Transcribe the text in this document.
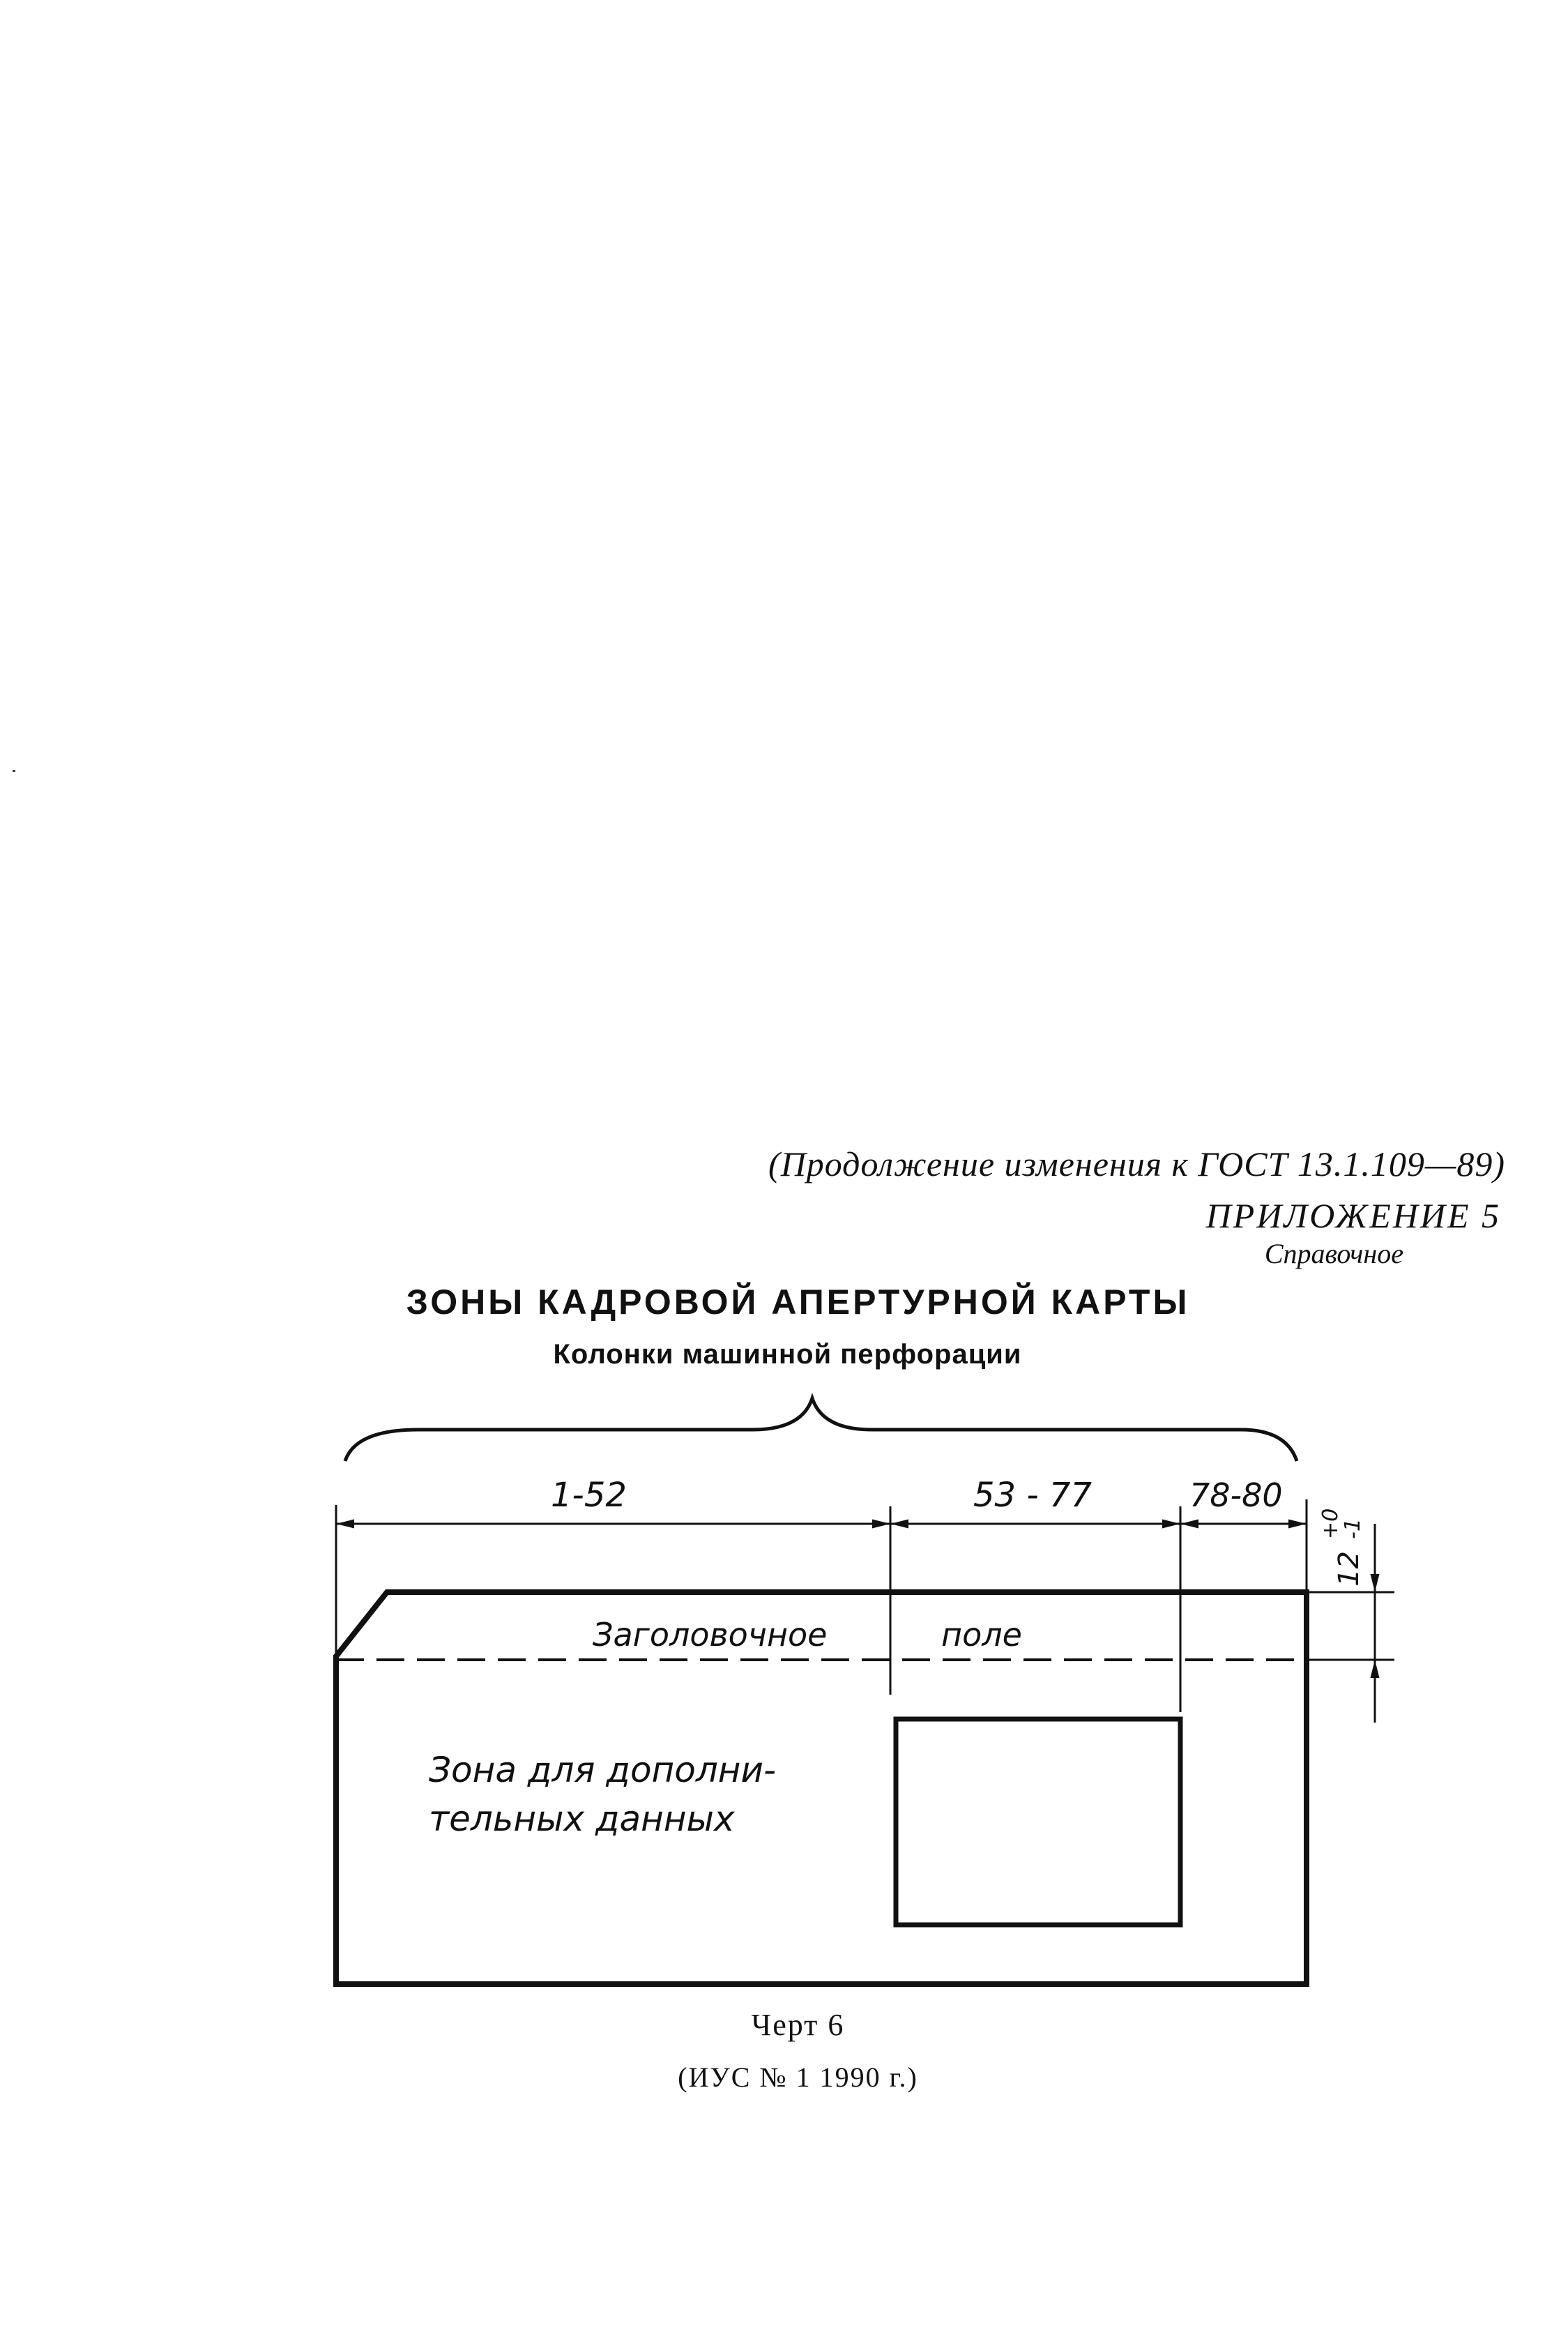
(Продолжение изменения к ГОСТ 13.1.109—89)
ПРИЛОЖЕНИЕ 5
Справочное
ЗОНЫ КАДРОВОЙ АПЕРТУРНОЙ КАРТЫ
Колонки машинной перфорации
1-52	53 - 77	78-80
12
+0
-1
Заголовочное	поле
Зона для дополни-
тельных данных
Черт 6
(ИУС № 1 1990 г.)
